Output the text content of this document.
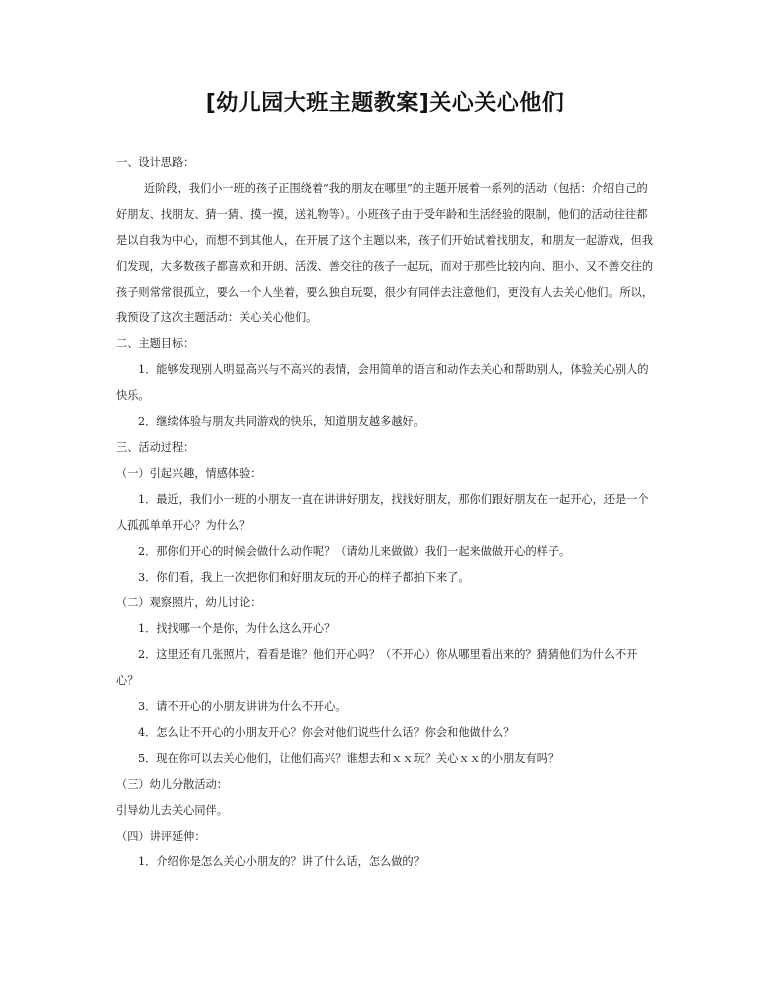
[幼儿园大班主题教案]关心关心他们

一、设计思路：

近阶段，我们小一班的孩子正围绕着“我的朋友在哪里”的主题开展着一系列的活动（包括：介绍自己的好朋友、找朋友、猜一猜、摸一摸，送礼物等）。小班孩子由于受年龄和生活经验的限制，他们的活动往往都是以自我为中心，而想不到其他人，在开展了这个主题以来，孩子们开始试着找朋友，和朋友一起游戏，但我们发现，大多数孩子都喜欢和开朗、活泼、善交往的孩子一起玩，而对于那些比较内向、胆小、又不善交往的孩子则常常很孤立，要么一个人坐着，要么独自玩耍，很少有同伴去注意他们，更没有人去关心他们。所以，我预设了这次主题活动：关心关心他们。

二、主题目标：

1．能够发现别人明显高兴与不高兴的表情，会用简单的语言和动作去关心和帮助别人，体验关心别人的快乐。

2．继续体验与朋友共同游戏的快乐，知道朋友越多越好。

三、活动过程：

（一）引起兴趣，情感体验：

1．最近，我们小一班的小朋友一直在讲讲好朋友，找找好朋友，那你们跟好朋友在一起开心，还是一个人孤孤单单开心？为什么？

2．那你们开心的时候会做什么动作呢？（请幼儿来做做）我们一起来做做开心的样子。

3．你们看，我上一次把你们和好朋友玩的开心的样子都拍下来了。

（二）观察照片，幼儿讨论：

1．找找哪一个是你，为什么这么开心？

2．这里还有几张照片，看看是谁？他们开心吗？（不开心）你从哪里看出来的？猜猜他们为什么不开心？

3．请不开心的小朋友讲讲为什么不开心。

4．怎么让不开心的小朋友开心？你会对他们说些什么话？你会和他做什么？

5．现在你可以去关心他们，让他们高兴？谁想去和ｘｘ玩？关心ｘｘ的小朋友有吗？

（三）幼儿分散活动：

引导幼儿去关心同伴。

（四）讲评延伸：

1．介绍你是怎么关心小朋友的？讲了什么话，怎么做的？
